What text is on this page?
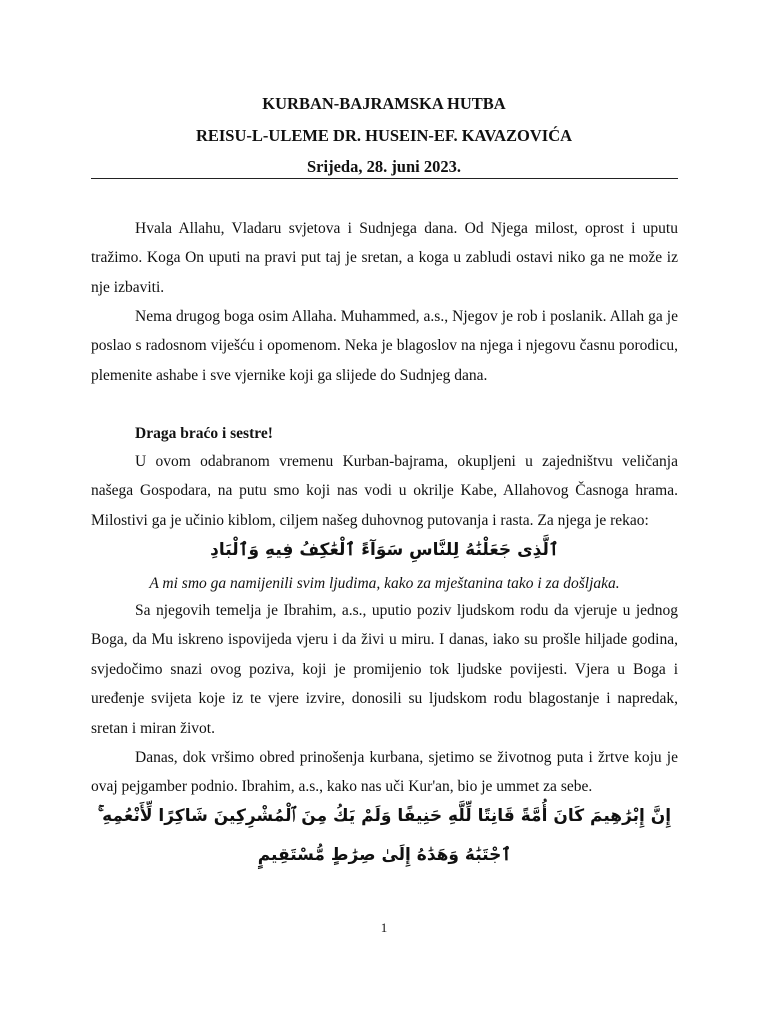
KURBAN-BAJRAMSKA HUTBA
REISU-L-ULEME DR. HUSEIN-EF. KAVAZOVIĆA
Srijeda, 28. juni 2023.

Hvala Allahu, Vladaru svjetova i Sudnjega dana. Od Njega milost, oprost i uputu tražimo. Koga On uputi na pravi put taj je sretan, a koga u zabludi ostavi niko ga ne može iz nje izbaviti.

Nema drugog boga osim Allaha. Muhammed, a.s., Njegov je rob i poslanik. Allah ga je poslao s radosnom viješću i opomenom. Neka je blagoslov na njega i njegovu časnu porodicu, plemenite ashabe i sve vjernike koji ga slijede do Sudnjeg dana.

Draga braćo i sestre!

U ovom odabranom vremenu Kurban-bajrama, okupljeni u zajedništvu veličanja našega Gospodara, na putu smo koji nas vodi u okrilje Kabe, Allahovog Časnoga hrama. Milostivi ga je učinio kiblom, ciljem našeg duhovnog putovanja i rasta. Za njega je rekao:

ٱلَّذِى جَعَلْنَٰهُ لِلنَّاسِ سَوَآءً ٱلْعَٰكِفُ فِيهِ وَٱلْبَادِ

A mi smo ga namijenili svim ljudima, kako za mještanina tako i za došljaka.

Sa njegovih temelja je Ibrahim, a.s., uputio poziv ljudskom rodu da vjeruje u jednog Boga, da Mu iskreno ispovijeda vjeru i da živi u miru. I danas, iako su prošle hiljade godina, svjedočimo snazi ovog poziva, koji je promijenio tok ljudske povijesti. Vjera u Boga i uređenje svijeta koje iz te vjere izvire, donosili su ljudskom rodu blagostanje i napredak, sretan i miran život.

Danas, dok vršimo obred prinošenja kurbana, sjetimo se životnog puta i žrtve koju je ovaj pejgamber podnio. Ibrahim, a.s., kako nas uči Kur'an, bio je ummet za sebe.

إِنَّ إِبْرَٰهِيمَ كَانَ أُمَّةً قَانِتًا لِّلَّهِ حَنِيفًا وَلَمْ يَكُ مِنَ ٱلْمُشْرِكِينَ شَاكِرًا لِّأَنْعُمِهِ ۚ

ٱجْتَبَٰهُ وَهَدَٰهُ إِلَىٰ صِرَٰطٍ مُّسْتَقِيمٍ

1
